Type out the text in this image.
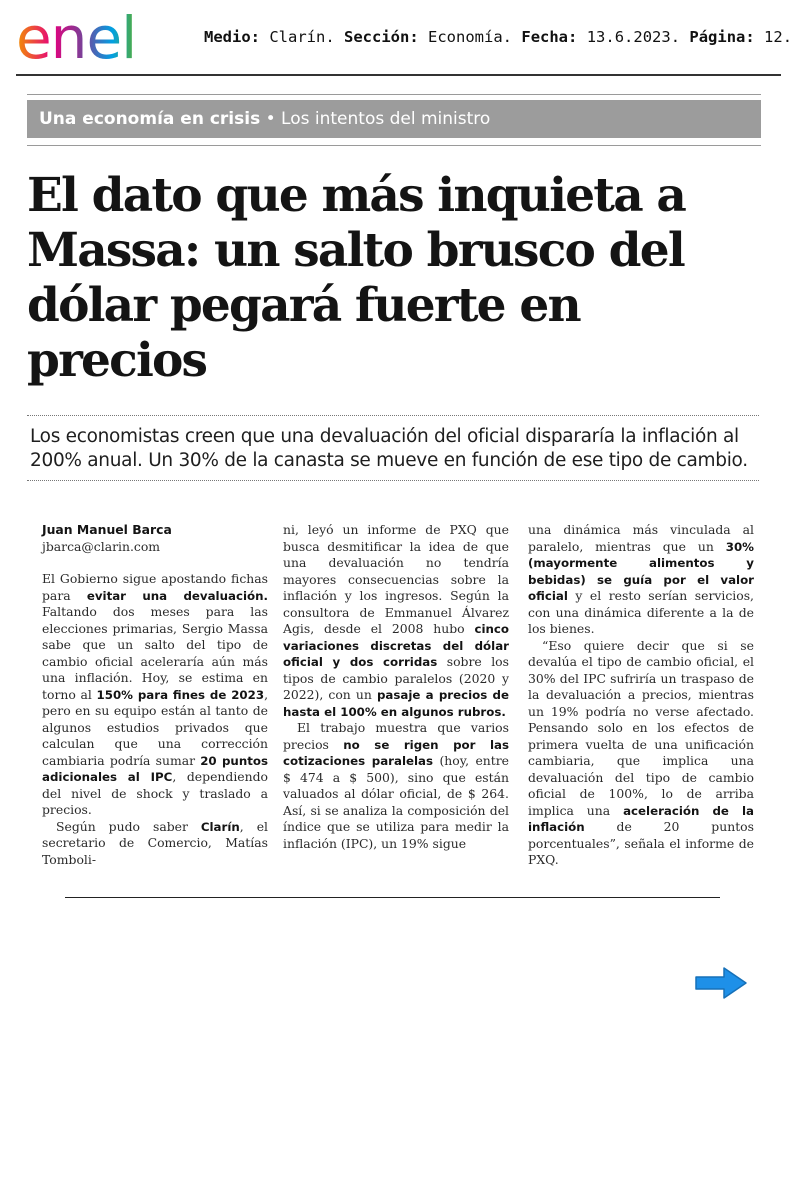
enel	Medio: Clarín. Sección: Economía. Fecha: 13.6.2023. Página: 12.
Una economía en crisis • Los intentos del ministro
El dato que más inquieta a Massa: un salto brusco del dólar pegará fuerte en precios

Los economistas creen que una devaluación del oficial dispararía la inflación al 200% anual. Un 30% de la canasta se mueve en función de ese tipo de cambio.

Juan Manuel Barca
jbarca@clarin.com

El Gobierno sigue apostando fichas para evitar una devaluación. Faltando dos meses para las elecciones primarias, Sergio Massa sabe que un salto del tipo de cambio oficial aceleraría aún más una inflación. Hoy, se estima en torno al 150% para fines de 2023, pero en su equipo están al tanto de algunos estudios privados que calculan que una corrección cambiaria podría sumar 20 puntos adicionales al IPC, dependiendo del nivel de shock y traslado a precios.

Según pudo saber Clarín, el secretario de Comercio, Matías Tomboli-

ni, leyó un informe de PXQ que busca desmitificar la idea de que una devaluación no tendría mayores consecuencias sobre la inflación y los ingresos. Según la consultora de Emmanuel Álvarez Agis, desde el 2008 hubo cinco variaciones discretas del dólar oficial y dos corridas sobre los tipos de cambio paralelos (2020 y 2022), con un pasaje a precios de hasta el 100% en algunos rubros.

El trabajo muestra que varios precios no se rigen por las cotizaciones paralelas (hoy, entre $ 474 a $ 500), sino que están valuados al dólar oficial, de $ 264. Así, si se analiza la composición del índice que se utiliza para medir la inflación (IPC), un 19% sigue

una dinámica más vinculada al paralelo, mientras que un 30% (mayormente alimentos y bebidas) se guía por el valor oficial y el resto serían servicios, con una dinámica diferente a la de los bienes.

“Eso quiere decir que si se devalúa el tipo de cambio oficial, el 30% del IPC sufriría un traspaso de la devaluación a precios, mientras un 19% podría no verse afectado. Pensando solo en los efectos de primera vuelta de una unificación cambiaria, que implica una devaluación del tipo de cambio oficial de 100%, lo de arriba implica una aceleración de la inflación de 20 puntos porcentuales”, señala el informe de PXQ.
